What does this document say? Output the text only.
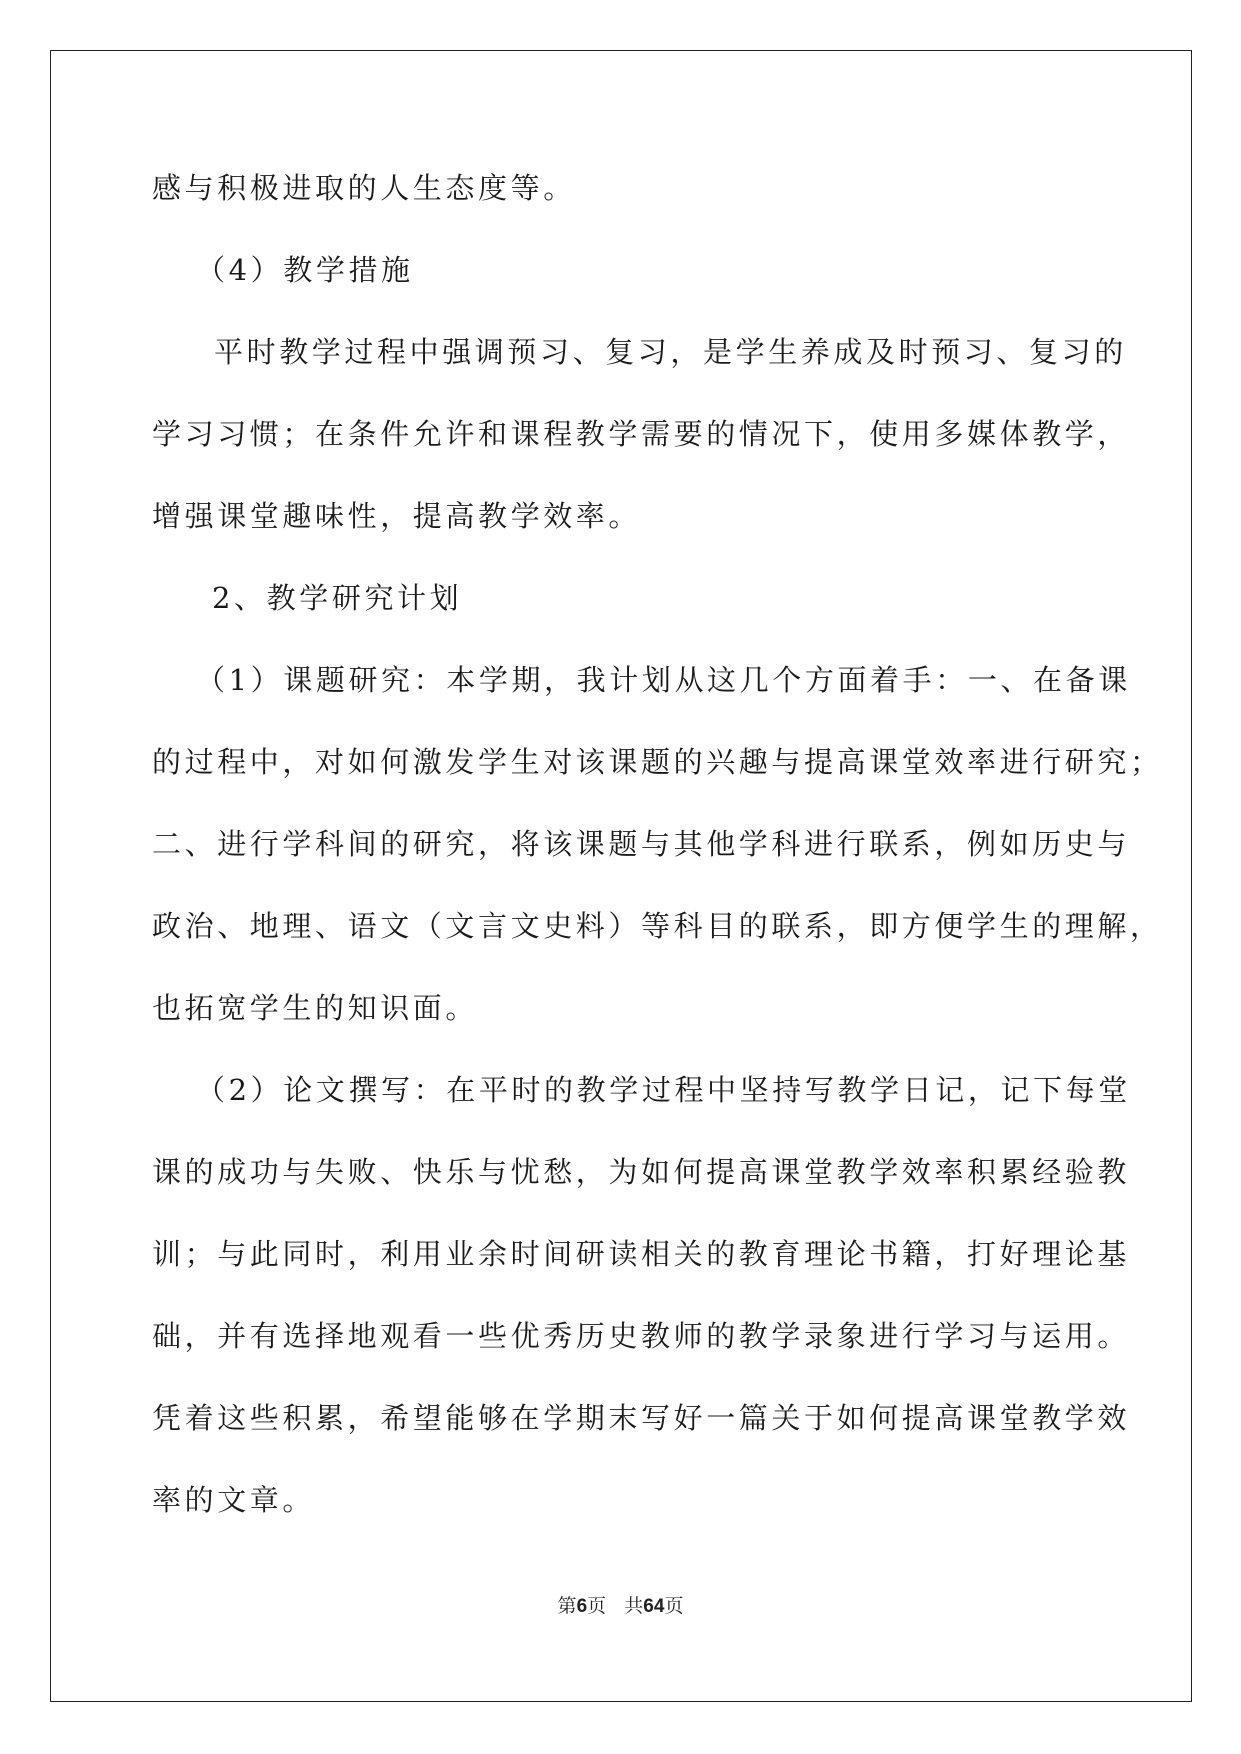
感与积极进取的人生态度等。
（4）教学措施
平时教学过程中强调预习、复习，是学生养成及时预习、复习的
学习习惯；在条件允许和课程教学需要的情况下，使用多媒体教学，
增强课堂趣味性，提高教学效率。
2、教学研究计划
（1）课题研究：本学期，我计划从这几个方面着手：一、在备课
的过程中，对如何激发学生对该课题的兴趣与提高课堂效率进行研究；
二、进行学科间的研究，将该课题与其他学科进行联系，例如历史与
政治、地理、语文（文言文史料）等科目的联系，即方便学生的理解，
也拓宽学生的知识面。
（2）论文撰写：在平时的教学过程中坚持写教学日记，记下每堂
课的成功与失败、快乐与忧愁，为如何提高课堂教学效率积累经验教
训；与此同时，利用业余时间研读相关的教育理论书籍，打好理论基
础，并有选择地观看一些优秀历史教师的教学录象进行学习与运用。
凭着这些积累，希望能够在学期末写好一篇关于如何提高课堂教学效
率的文章。
第6页 共64页
